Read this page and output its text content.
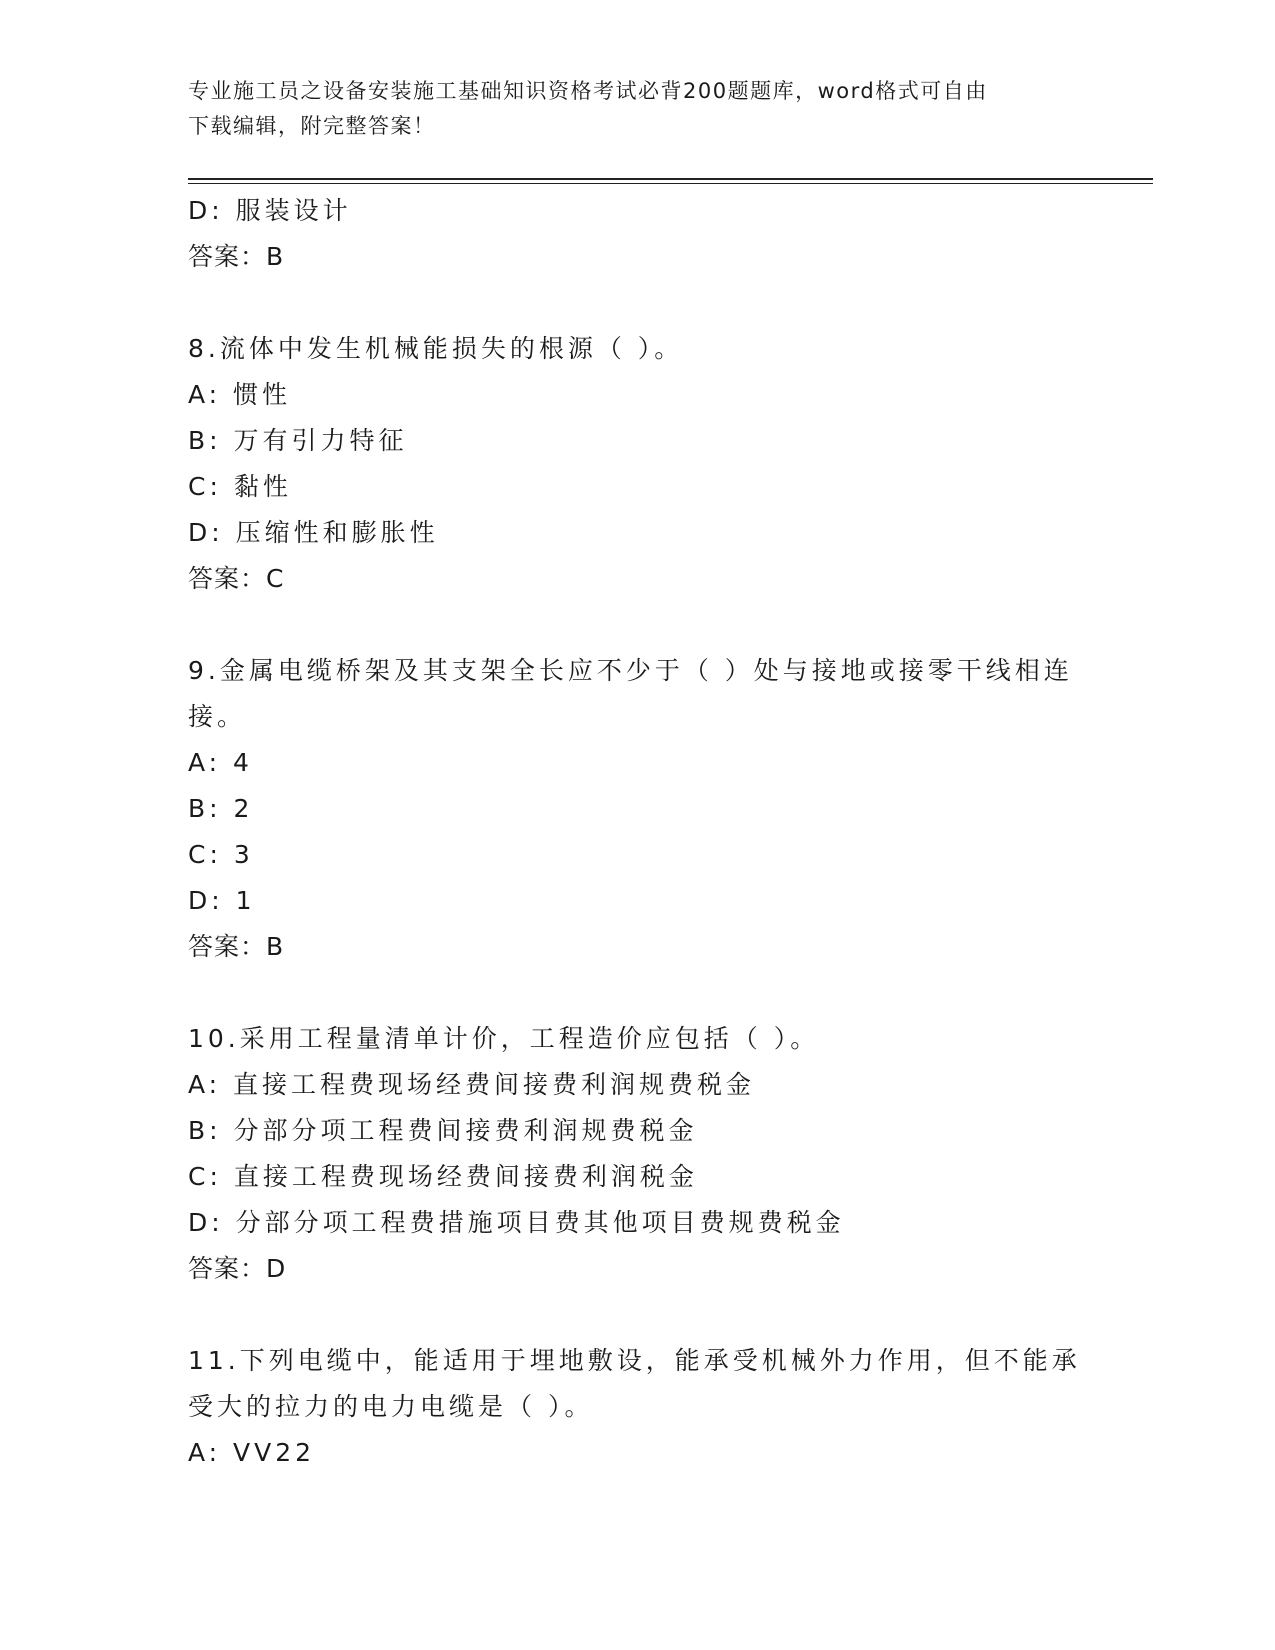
专业施工员之设备安装施工基础知识资格考试必背200题题库，word格式可自由
下载编辑，附完整答案！
D: 服装设计
答案：B
8.流体中发生机械能损失的根源（ ）。
A: 惯性
B: 万有引力特征
C: 黏性
D: 压缩性和膨胀性
答案：C
9.金属电缆桥架及其支架全长应不少于（ ）处与接地或接零干线相连
接。
A: 4
B: 2
C: 3
D: 1
答案：B
10.采用工程量清单计价，工程造价应包括（ ）。
A: 直接工程费现场经费间接费利润规费税金
B: 分部分项工程费间接费利润规费税金
C: 直接工程费现场经费间接费利润税金
D: 分部分项工程费措施项目费其他项目费规费税金
答案：D
11.下列电缆中，能适用于埋地敷设，能承受机械外力作用，但不能承
受大的拉力的电力电缆是（ ）。
A: VV22
